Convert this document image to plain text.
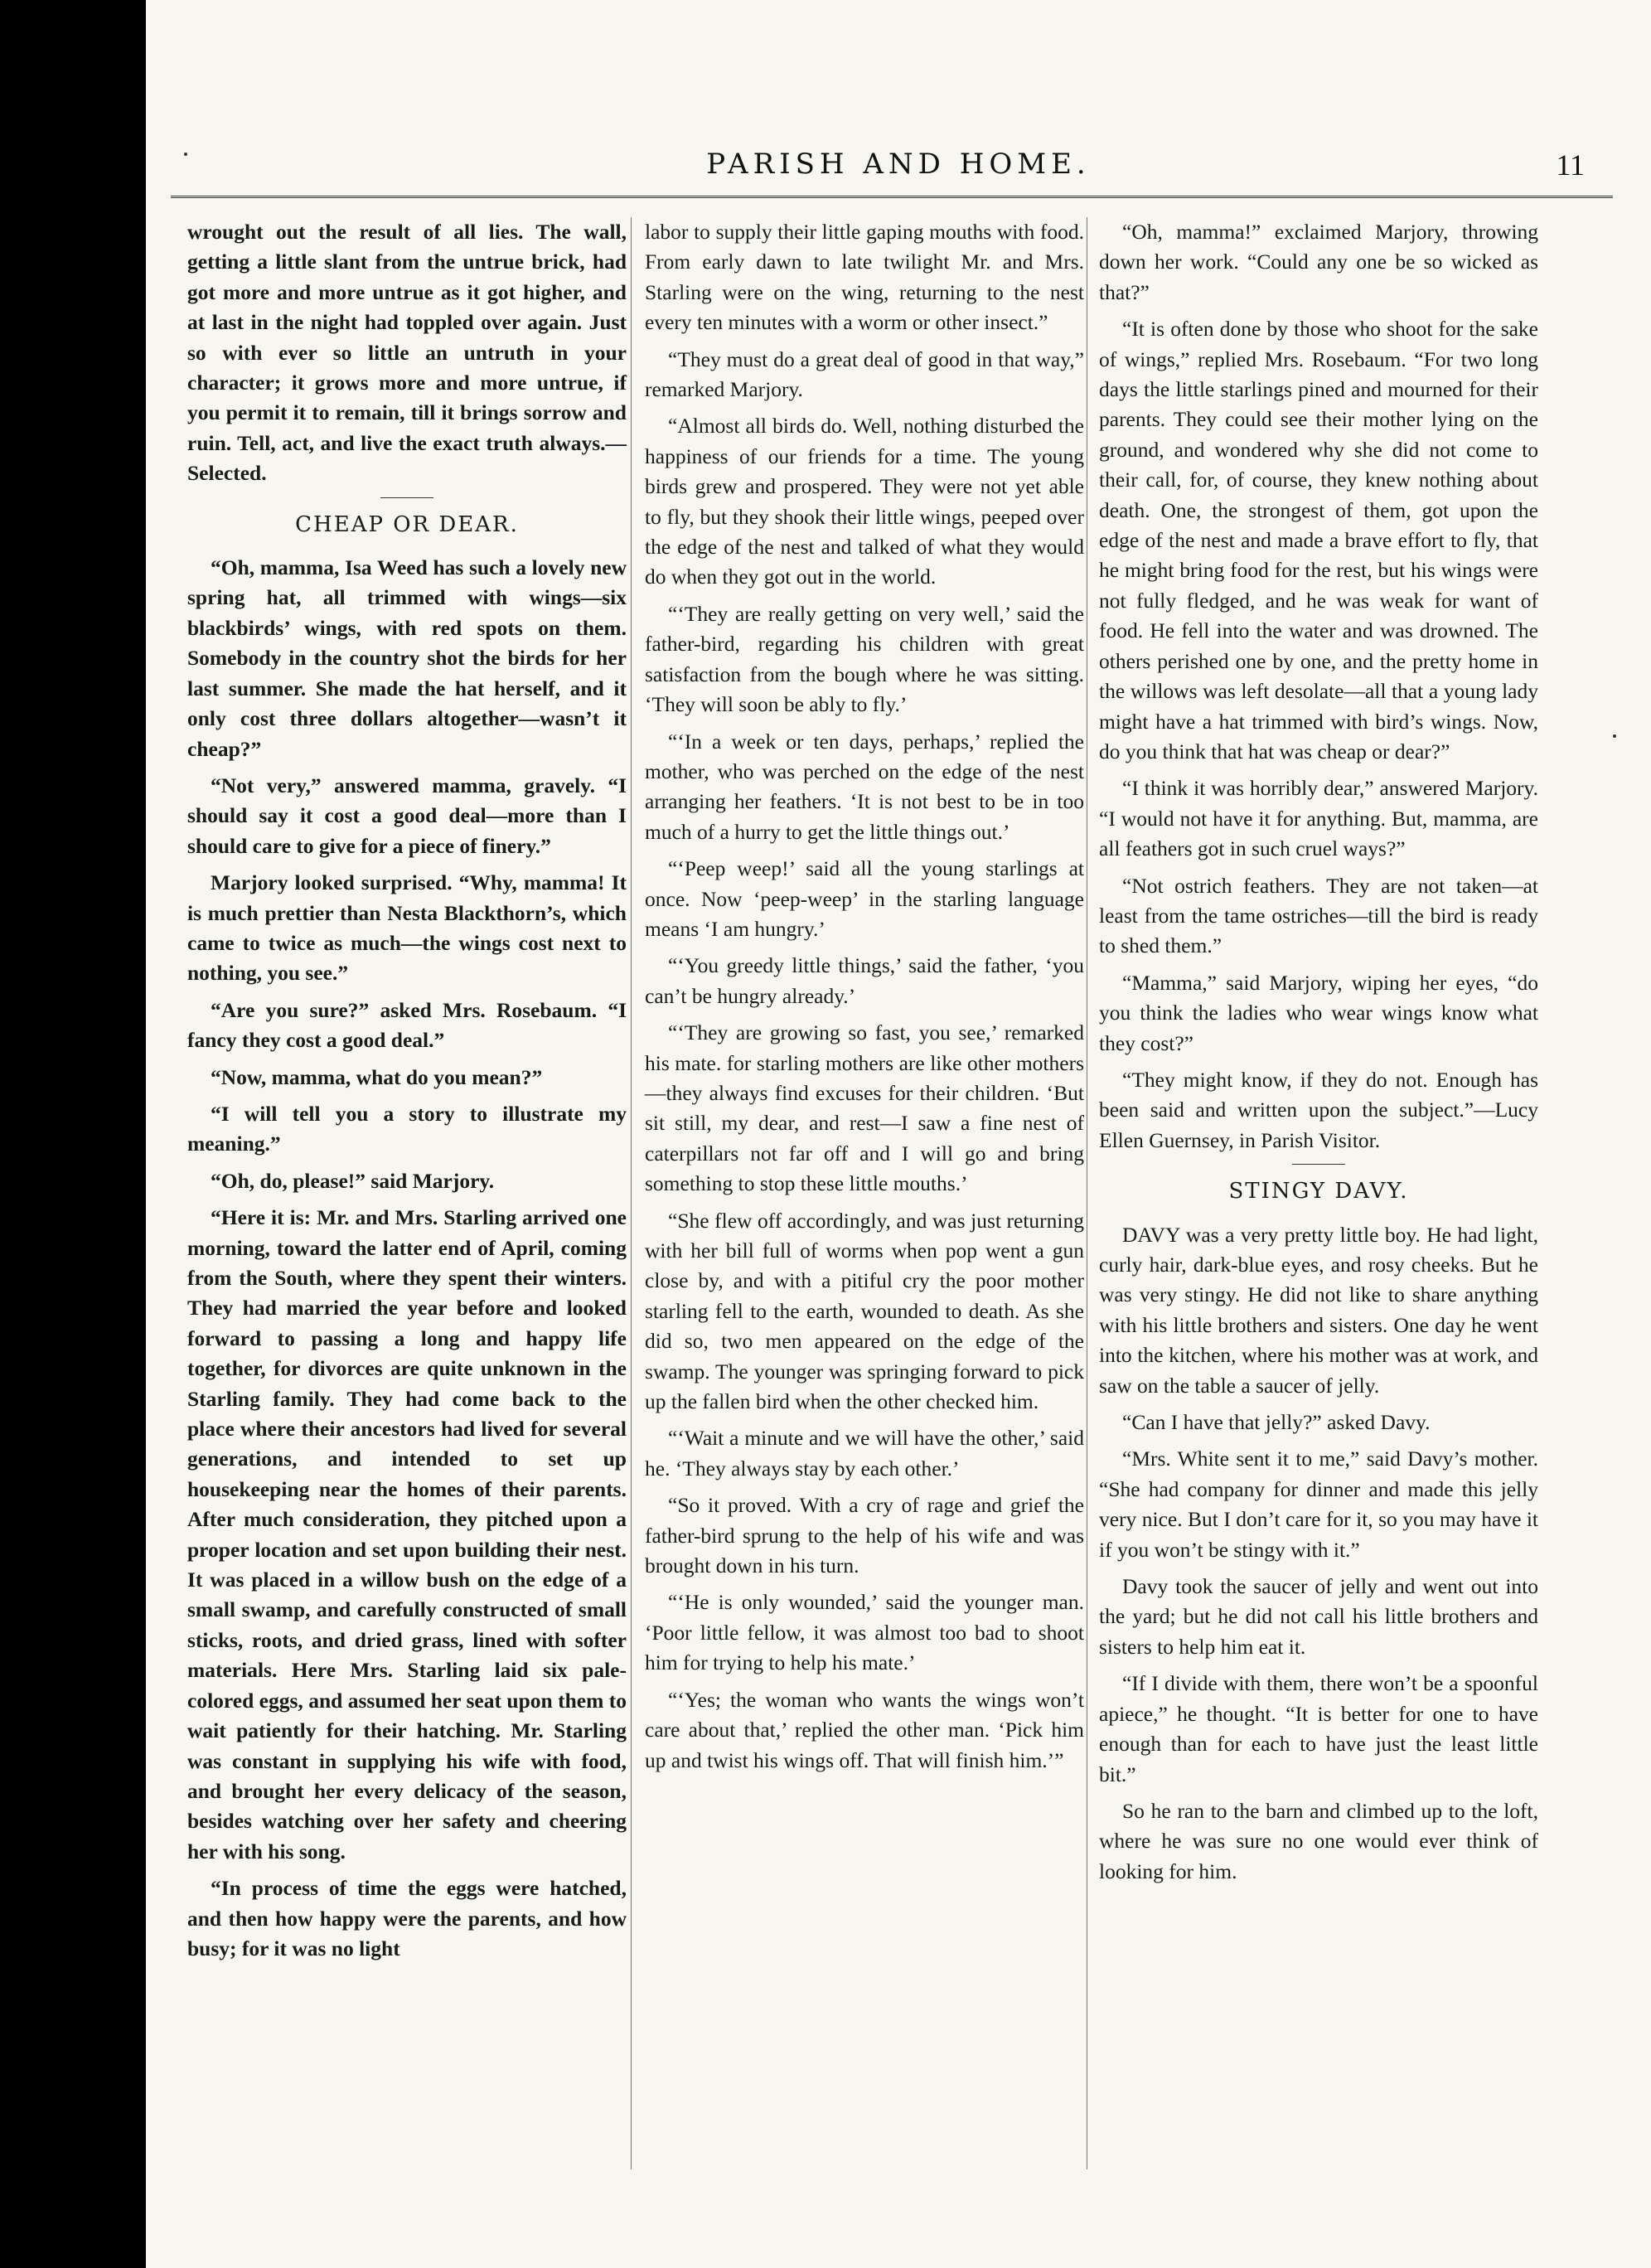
PARISH AND HOME.	11

wrought out the result of all lies. The wall, getting a little slant from the untrue brick, had got more and more untrue as it got higher, and at last in the night had toppled over again. Just so with ever so little an untruth in your character; it grows more and more untrue, if you permit it to remain, till it brings sorrow and ruin. Tell, act, and live the exact truth always.—Selected.

CHEAP OR DEAR.

“Oh, mamma, Isa Weed has such a lovely new spring hat, all trimmed with wings—six blackbirds’ wings, with red spots on them. Somebody in the country shot the birds for her last summer. She made the hat herself, and it only cost three dollars altogether—wasn’t it cheap?”

“Not very,” answered mamma, gravely. “I should say it cost a good deal—more than I should care to give for a piece of finery.”

Marjory looked surprised. “Why, mamma! It is much prettier than Nesta Blackthorn’s, which came to twice as much—the wings cost next to nothing, you see.”

“Are you sure?” asked Mrs. Rosebaum. “I fancy they cost a good deal.”

“Now, mamma, what do you mean?”

“I will tell you a story to illustrate my meaning.”

“Oh, do, please!” said Marjory.

“Here it is: Mr. and Mrs. Starling arrived one morning, toward the latter end of April, coming from the South, where they spent their winters. They had married the year before and looked forward to passing a long and happy life together, for divorces are quite unknown in the Starling family. They had come back to the place where their ancestors had lived for several generations, and intended to set up housekeeping near the homes of their parents. After much consideration, they pitched upon a proper location and set upon building their nest. It was placed in a willow bush on the edge of a small swamp, and carefully constructed of small sticks, roots, and dried grass, lined with softer materials. Here Mrs. Starling laid six pale-colored eggs, and assumed her seat upon them to wait patiently for their hatching. Mr. Starling was constant in supplying his wife with food, and brought her every delicacy of the season, besides watching over her safety and cheering her with his song.

“In process of time the eggs were hatched, and then how happy were the parents, and how busy; for it was no light

labor to supply their little gaping mouths with food. From early dawn to late twilight Mr. and Mrs. Starling were on the wing, returning to the nest every ten minutes with a worm or other insect.”

“They must do a great deal of good in that way,” remarked Marjory.

“Almost all birds do. Well, nothing disturbed the happiness of our friends for a time. The young birds grew and prospered. They were not yet able to fly, but they shook their little wings, peeped over the edge of the nest and talked of what they would do when they got out in the world.

“‘They are really getting on very well,’ said the father-bird, regarding his children with great satisfaction from the bough where he was sitting. ‘They will soon be ably to fly.’

“‘In a week or ten days, perhaps,’ replied the mother, who was perched on the edge of the nest arranging her feathers. ‘It is not best to be in too much of a hurry to get the little things out.’

“‘Peep weep!’ said all the young starlings at once. Now ‘peep-weep’ in the starling language means ‘I am hungry.’

“‘You greedy little things,’ said the father, ‘you can’t be hungry already.’

“‘They are growing so fast, you see,’ remarked his mate. for starling mothers are like other mothers—they always find excuses for their children. ‘But sit still, my dear, and rest—I saw a fine nest of caterpillars not far off and I will go and bring something to stop these little mouths.’

“She flew off accordingly, and was just returning with her bill full of worms when pop went a gun close by, and with a pitiful cry the poor mother starling fell to the earth, wounded to death. As she did so, two men appeared on the edge of the swamp. The younger was springing forward to pick up the fallen bird when the other checked him.

“‘Wait a minute and we will have the other,’ said he. ‘They always stay by each other.’

“So it proved. With a cry of rage and grief the father-bird sprung to the help of his wife and was brought down in his turn.

“‘He is only wounded,’ said the younger man. ‘Poor little fellow, it was almost too bad to shoot him for trying to help his mate.’

“‘Yes; the woman who wants the wings won’t care about that,’ replied the other man. ‘Pick him up and twist his wings off. That will finish him.’”

“Oh, mamma!” exclaimed Marjory, throwing down her work. “Could any one be so wicked as that?”

“It is often done by those who shoot for the sake of wings,” replied Mrs. Rosebaum. “For two long days the little starlings pined and mourned for their parents. They could see their mother lying on the ground, and wondered why she did not come to their call, for, of course, they knew nothing about death. One, the strongest of them, got upon the edge of the nest and made a brave effort to fly, that he might bring food for the rest, but his wings were not fully fledged, and he was weak for want of food. He fell into the water and was drowned. The others perished one by one, and the pretty home in the willows was left desolate—all that a young lady might have a hat trimmed with bird’s wings. Now, do you think that hat was cheap or dear?”

“I think it was horribly dear,” answered Marjory. “I would not have it for anything. But, mamma, are all feathers got in such cruel ways?”

“Not ostrich feathers. They are not taken—at least from the tame ostriches—till the bird is ready to shed them.”

“Mamma,” said Marjory, wiping her eyes, “do you think the ladies who wear wings know what they cost?”

“They might know, if they do not. Enough has been said and written upon the subject.”—Lucy Ellen Guernsey, in Parish Visitor.

STINGY DAVY.

DAVY was a very pretty little boy. He had light, curly hair, dark-blue eyes, and rosy cheeks. But he was very stingy. He did not like to share anything with his little brothers and sisters. One day he went into the kitchen, where his mother was at work, and saw on the table a saucer of jelly.

“Can I have that jelly?” asked Davy.

“Mrs. White sent it to me,” said Davy’s mother. “She had company for dinner and made this jelly very nice. But I don’t care for it, so you may have it if you won’t be stingy with it.”

Davy took the saucer of jelly and went out into the yard; but he did not call his little brothers and sisters to help him eat it.

“If I divide with them, there won’t be a spoonful apiece,” he thought. “It is better for one to have enough than for each to have just the least little bit.”

So he ran to the barn and climbed up to the loft, where he was sure no one would ever think of looking for him.
